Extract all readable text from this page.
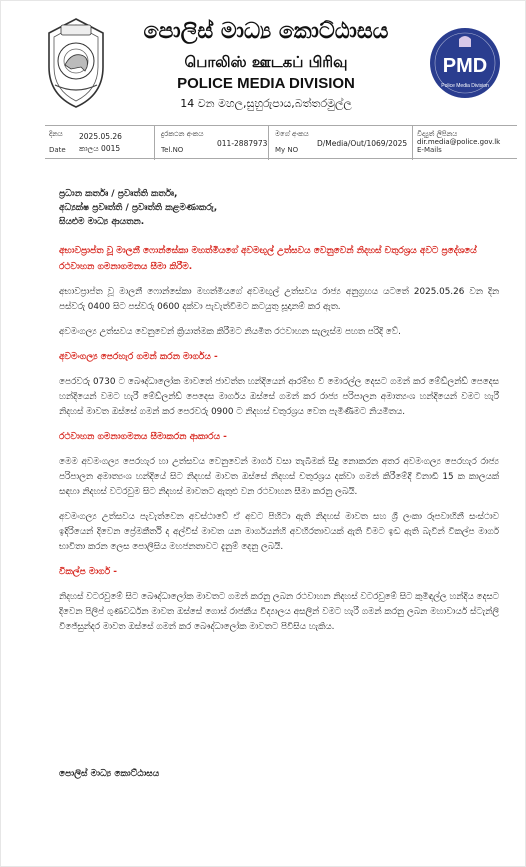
පොලිස් මාධ්‍ය කොට්ඨාසය
பொலிஸ் ஊடகப் பிரிவு
POLICE MEDIA DIVISION
14 වන මහල,සුහුරුපාය,බත්තරමුල්ල
PMD
Police Media Division
දිනය
Date
2025.05.26
කාලය 0015
දුරකථන අංකය
Tel.NO
011-2887973
මගේ අංකය
My NO
D/Media/Out/1069/2025
විද්‍යුත් ලිපිනය
E-Mails
dir.media@police.gov.lk

ප්‍රධාන කර්තෘ / ප්‍රවෘත්ති කර්තෘ,

අධ්‍යක්ෂ ප්‍රවෘත්ති / ප්‍රවෘත්ති කළමණාකරු,

සියළුම මාධ්‍ය ආයතන.

අභාවප්‍රාප්ත වූ මාලනී ෆොන්සේකා මහත්මියගේ අවමඟුල් උත්සවය වෙනුවෙන් නිදහස් චතුරශ්‍රය අවට ප්‍රදේශයේ රථවාහන ගමනාගමනය සීමා කිරීම.
අභාවප්‍රාප්ත වූ මාලනී ෆොන්සේකා මහත්මියගේ අවමඟුල් උත්සවය රාජ්‍ය අනුග්‍රහය යටතේ 2025.05.26 වන දින පස්වරු 0400 සිට පස්වරු 0600 දක්වා පැවැත්වීමට කටයුතු සූදානම් කර ඇත.
අවමංගල්‍ය උත්සවය වෙනුවෙන් ක්‍රියාත්මක කිරීමට නියමිත රථවාහන සැලැස්ම පහත පරිදි වේ.
අවමංගල්‍ය පෙරහැර ගමන් කරන මාර්ගය -
පෙරවරු 0730 ට බෞද්ධාලෝක මාවතේ ජාවත්ත හන්දියෙන් ආරම්භ වී මොරල්ල දෙසට ගමන් කර මේඩ්ලන්ඩ් පෙදෙස හන්දියෙන් වමට හැරී මේඩ්ලන්ඩ් පෙදෙස මාර්ගය ඔස්සේ ගමන් කර රාජ්‍ය පරිපාලන අමාත්‍යංශ හන්දියෙන් වමට හැරී නිදහස් මාවත ඔස්සේ ගමන් කර පෙරවරු 0900 ට නිදහස් චතුරශ්‍රය වෙත පැමිණීමට නියමිතය.
රථවාහන ගමනාගමනය සීමාකරන ආකාරය -
මෙම අවමංගල්‍ය පෙරහැර හා උත්සවය වෙනුවෙන් මාර්ග වසා තැබීමක් සිදු නොකරන අතර අවමංගල්‍ය පෙරහැර රාජ්‍ය පරිපාලන අමාත්‍යංශ හන්දියේ සිට නිදහස් මාවත ඔස්සේ නිදහස් චතුරශ්‍රය දක්වා ගමන් කිරීමේදී විනාඩි 15 ක කාලයක් සඳහා නිදහස් වටරවුම සිට නිදහස් මාවතට ඇතුළු වන රථවාහන සීමා කරනු ලබයි.
අවමංගල්‍ය උත්සවය පැවැත්වෙන අවස්ථාවේ ඒ අවට පිහිටා ඇති නිදහස් මාවත සහ ශ්‍රී ලංකා රූපවාහිනී සංස්ථාව ඉදිරියෙන් දිවෙන ප්‍රේමකීර්ති ද අල්විස් මාවත යන මාර්ගයන්හි අවහිරතාවයක් ඇති වීමට ඉඩ ඇති බැවින් විකල්ප මාර්ග භාවිතා කරන ලෙස පොලිසිය මහජනතාවට දැනුම් දෙනු ලබයි.
විකල්ප මාර්ග -
නිදහස් වටරවුමේ සිට බෞද්ධාලෝක මාවතට ගමන් කරනු ලබන රථවාහන නිදහස් වටරවුමේ සිට කුමිඳල්ල හන්දිය දෙසට දිවෙන පිලිප් ගුණවර්ධන මාවත ඔස්සේ ගොස් රාජකීය විද්‍යාලය අසලින් වමට හැරී ගමන් කරනු ලබන මහාවාර්ය ස්ටැන්ලි විජේසුන්දර මාවත ඔස්සේ ගමන් කර බෞද්ධාලෝක මාවතට පිවිසිය හැකිය.
පොලිස් මාධ්‍ය කොට්ඨාසය
